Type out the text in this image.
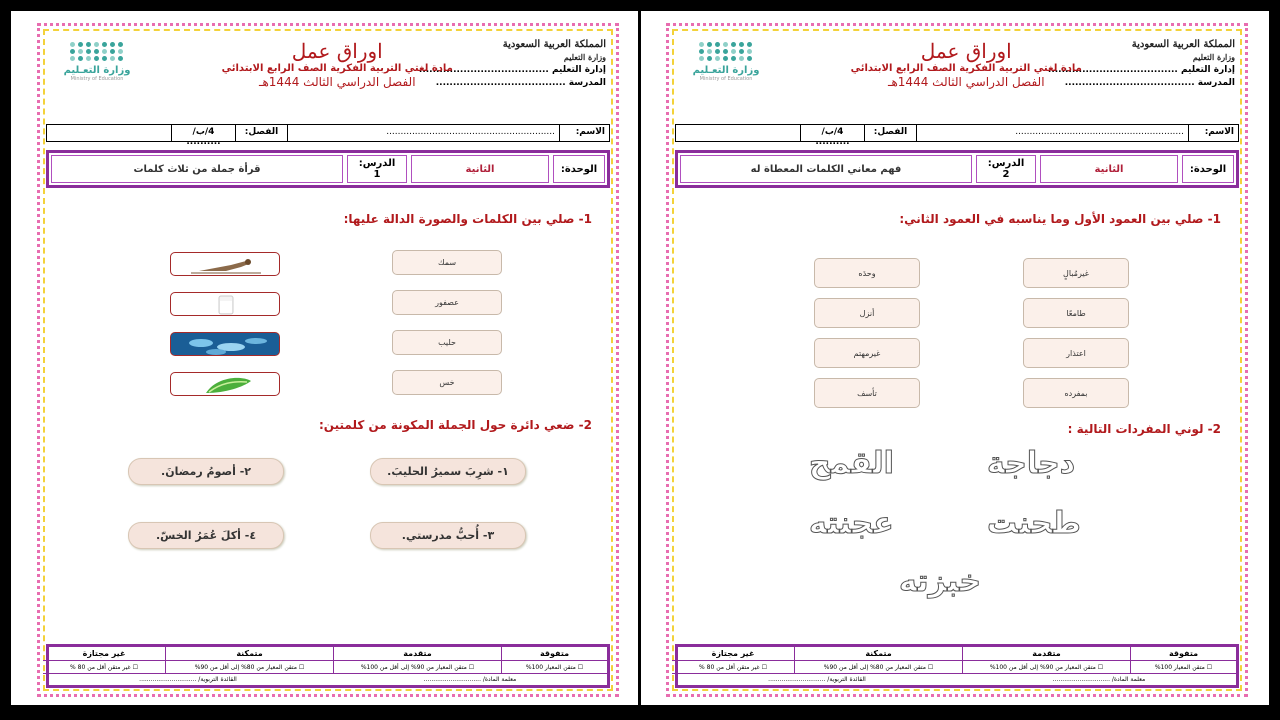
المملكة العربية السعودية
وزارة التعليم
إدارة التعليم ......................................
المدرسة ......................................
اوراق عمل
مادة لغتي التربية الفكرية الصف الرابع الابتدائي
الفصل الدراسي الثالث 1444هـ
وزارة التعـليم
Ministry of Education
الاسم:
...........................................................
الفصل:
4/ب/ ..........
الوحدة:
الثانية
الدرس:
1
قرأة جملة من ثلاث كلمات
1- صلي بين الكلمات والصورة الدالة عليها:
سمك
عصفور
حليب
خس
2- ضعي دائرة حول الجملة المكونة من كلمتين:
١- شرِبَ سميرُ الحليبَ.
٢- أصومُ رمضانَ.
٣- أُحبُّ مدرستي.
٤- أكلَ عُمَرُ الخسّ.
متفوقة
متقدمة
متمكنة
غير مجتازة
☐ متقن المعيار 100%
☐ متقن المعيار من 90% إلى أقل من 100%
☐ متقن المعيار من 80% إلى أقل من 90%
☐ غير متقن أقل من 80 %
معلمة المادة/ ..............................
القائدة التربوية/ ..............................
المملكة العربية السعودية
وزارة التعليم
إدارة التعليم ......................................
المدرسة ......................................
اوراق عمل
مادة لغتي التربية الفكرية الصف الرابع الابتدائي
الفصل الدراسي الثالث 1444هـ
وزارة التعـليم
Ministry of Education
الاسم:
...........................................................
الفصل:
4/ب/ ..........
الوحدة:
الثانية
الدرس:
2
فهم معاني الكلمات المعطاة له
1- صلي بين العمود الأول وما يناسبه في العمود الثاني:
غيرمُبالٍ
طامعًا
اعتذار
بمفرده
وحدَه
أنزل
غيرمهتم
تأسف
2- لوني المفردات التالية :
دجاجة
القمح
طحنت
عجنته
خبزته
متفوقة
متقدمة
متمكنة
غير مجتازة
☐ متقن المعيار 100%
☐ متقن المعيار من 90% إلى أقل من 100%
☐ متقن المعيار من 80% إلى أقل من 90%
☐ غير متقن أقل من 80 %
معلمة المادة/ ..............................
القائدة التربوية/ ..............................
